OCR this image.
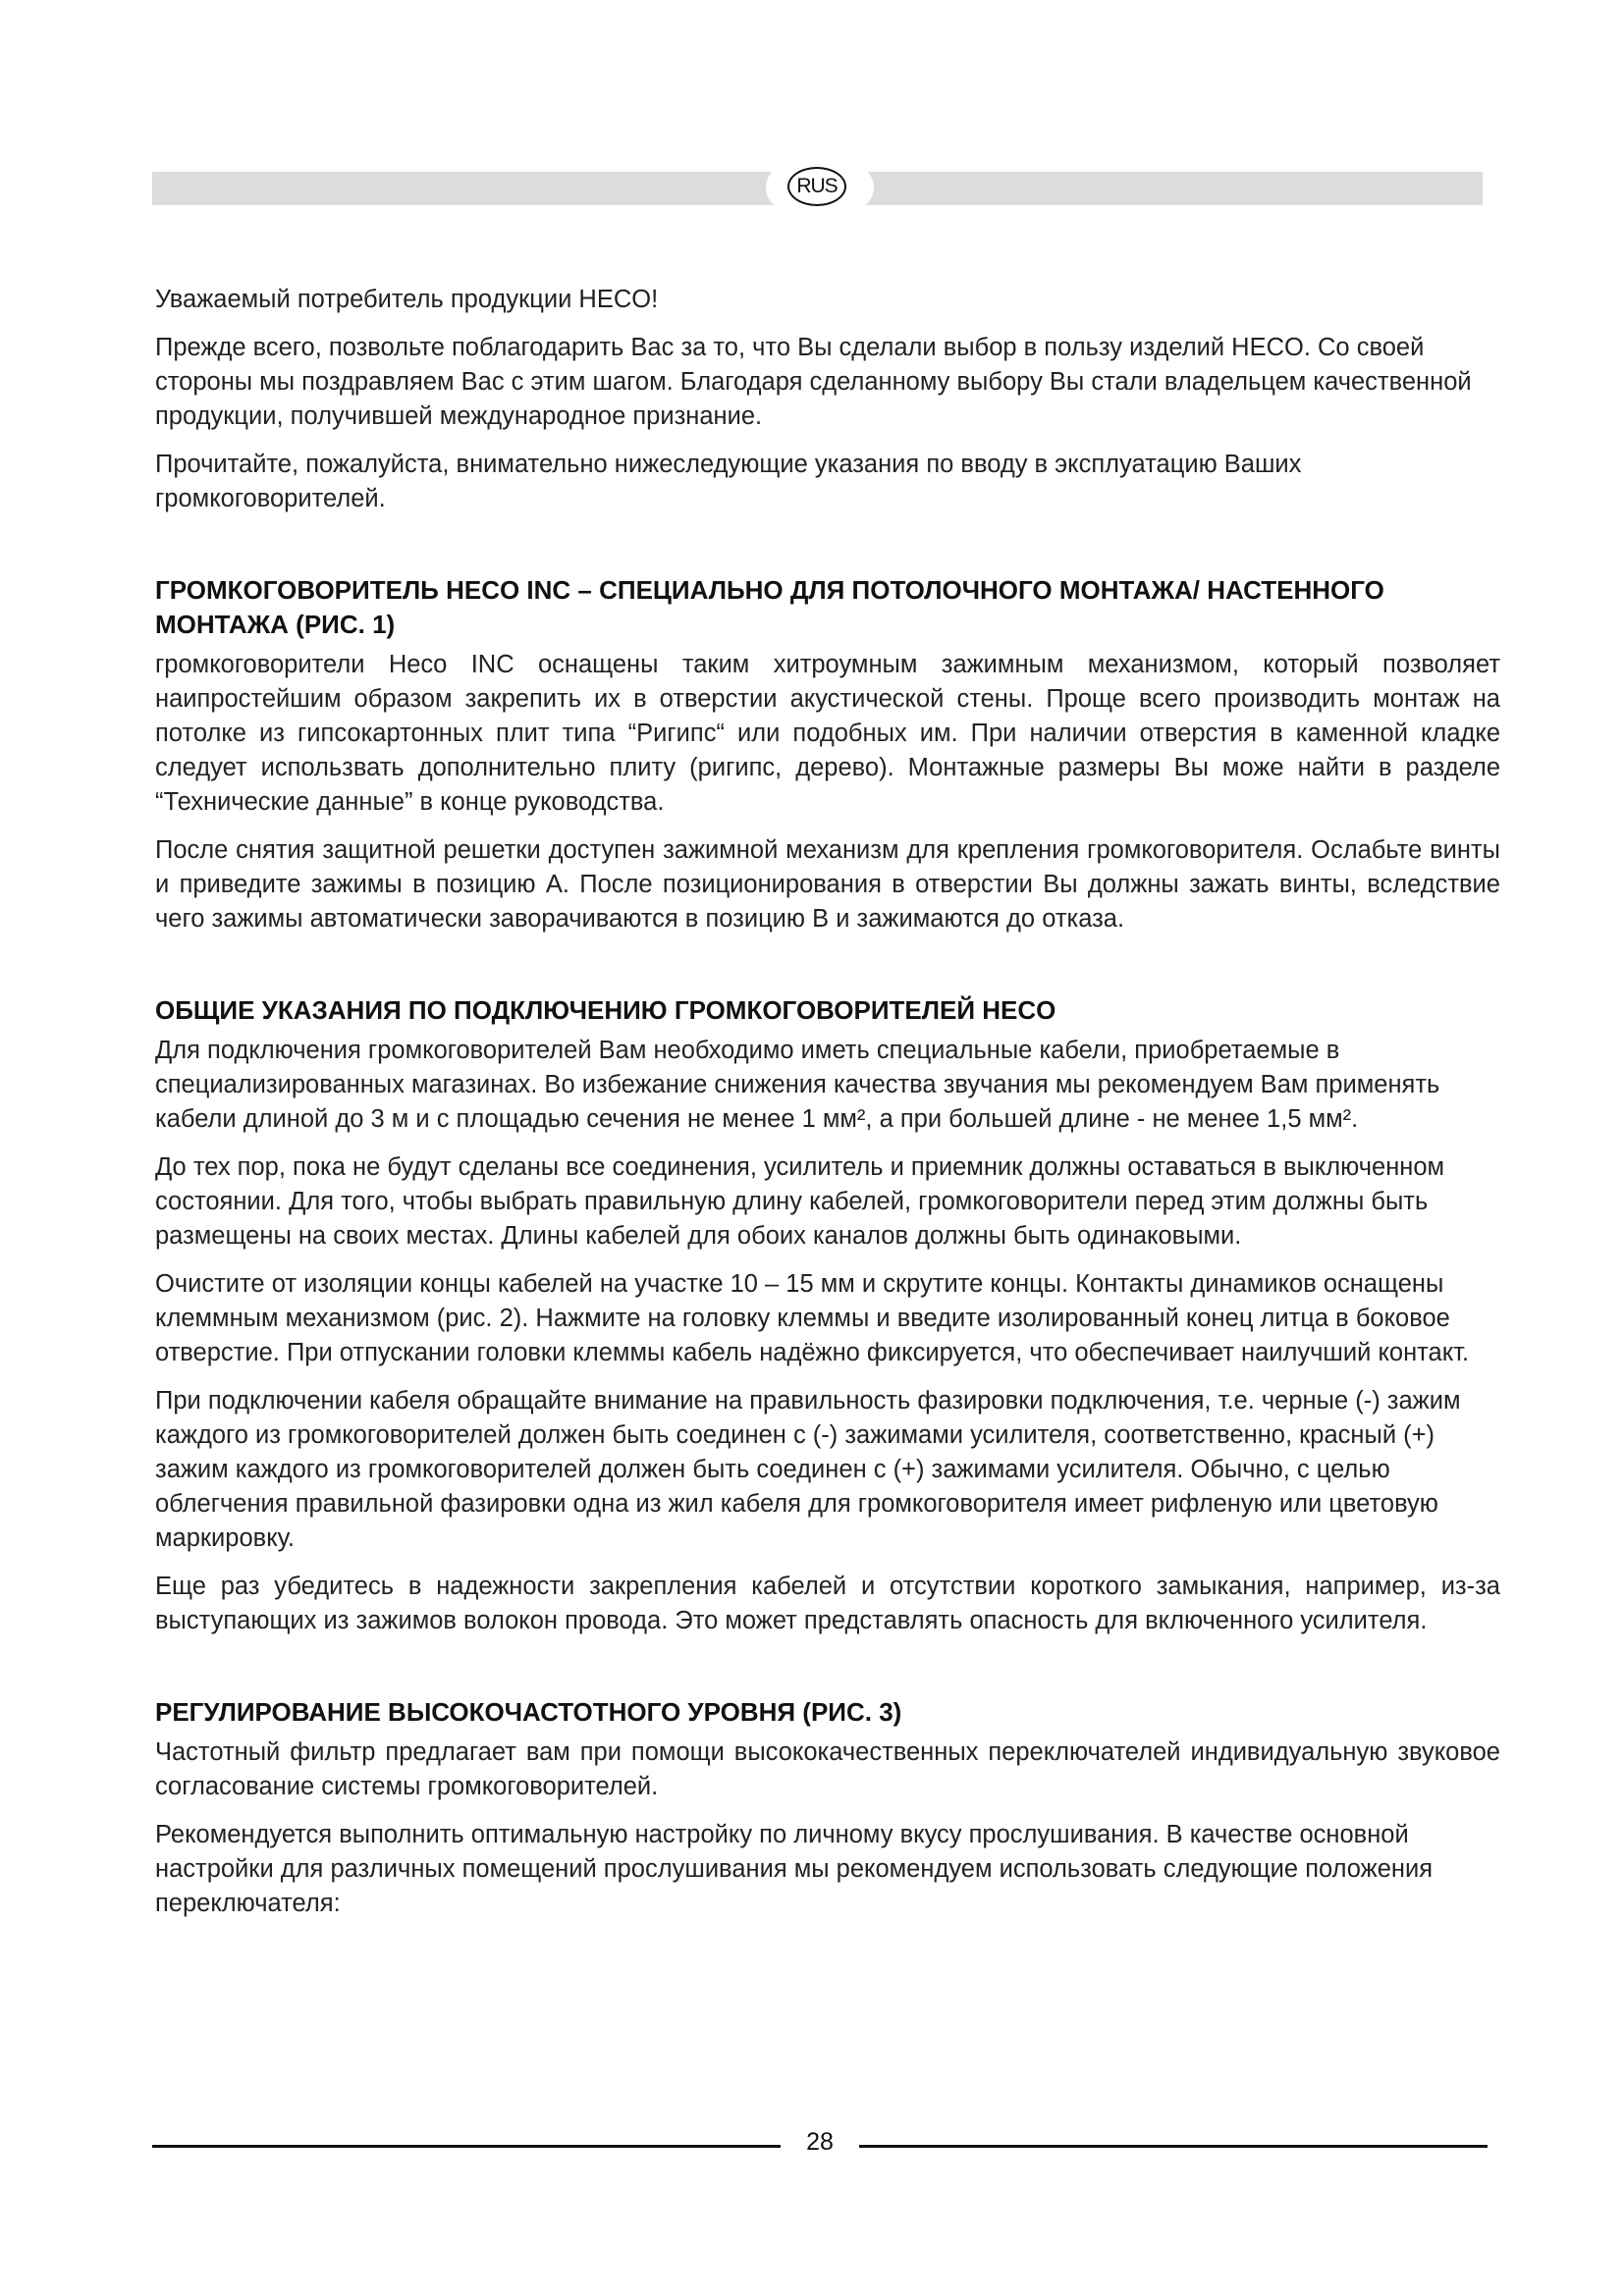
RUS

Уважаемый потребитель продукции HECO!

Прежде всего, позвольте поблагодарить Вас за то, что Вы сделали выбор в пользу изделий HECO. Со своей стороны мы поздравляем Вас с этим шагом. Благодаря сделанному выбору Вы стали владельцем качественной продукции, получившей международное признание.

Прочитайте, пожалуйста, внимательно нижеследующие указания по вводу в эксплуатацию Ваших громкоговорителей.

ГРОМКОГОВОРИТЕЛЬ HECO INC – СПЕЦИАЛЬНО ДЛЯ ПОТОЛОЧНОГО МОНТАЖА/ НАСТЕННОГО МОНТАЖА (РИС. 1)

громкоговорители Heco INC оснащены таким хитроумным зажимным механизмом, который позволяет наипростейшим образом закрепить их в отверстии акустической стены. Проще всего производить монтаж на потолке из гипсокартонных плит типа “Ригипс“ или подобных им. При наличии отверстия в каменной кладке следует использвать дополнительно плиту (ригипс, дерево). Монтажные размеры Вы може найти в разделе “Технические данные” в конце руководства.

После снятия защитной решетки доступен зажимной механизм для крепления громкоговорителя. Ослабьте винты и приведите зажимы в позицию A. После позиционирования в отверстии Вы должны зажать винты, вследствие чего зажимы автоматически заворачиваются в позицию B и зажимаются до отказа.

ОБЩИЕ УКАЗАНИЯ ПО ПОДКЛЮЧЕНИЮ ГРОМКОГОВОРИТЕЛЕЙ HECO

Для подключения громкоговорителей Вам необходимо иметь специальные кабели, приобретаемые в специализированных магазинах. Во избежание снижения качества звучания мы рекомендуем Вам применять кабели длиной до 3 м и с площадью сечения не менее 1 мм², а при большей длине - не менее 1,5 мм².

До тех пор, пока не будут сделаны все соединения, усилитель и приемник должны оставаться в выключенном состоянии. Для того, чтобы выбрать правильную длину кабелей, громкоговорители перед этим должны быть размещены на своих местах. Длины кабелей для обоих каналов должны быть одинаковыми.

Очистите от изоляции концы кабелей на участке 10 – 15 мм и скрутите концы. Контакты динамиков оснащены клеммным механизмом (рис. 2). Нажмите на головку клеммы и введите изолированный конец литца в боковое отверстие. При отпускании головки клеммы кабель надёжно фиксируется, что обеспечивает наилучший контакт.

При подключении кабеля обращайте внимание на правильность фазировки подключения, т.е. черные (-) зажим каждого из громкоговорителей должен быть соединен с (-) зажимами усилителя, соответственно, красный (+) зажим каждого из громкоговорителей должен быть соединен с (+) зажимами усилителя. Обычно, с целью облегчения правильной фазировки одна из жил кабеля для громкоговорителя имеет рифленую или цветовую маркировку.

Еще раз убедитесь в надежности закрепления кабелей и отсутствии короткого замыкания, например, из-за выступающих из зажимов волокон провода. Это может представлять опасность для включенного усилителя.

РЕГУЛИРОВАНИЕ ВЫСОКОЧАСТОТНОГО УРОВНЯ (РИС. 3)

Частотный фильтр предлагает вам при помощи высококачественных переключателей индивидуальную звуковое согласование системы громкоговорителей.

Рекомендуется выполнить оптимальную настройку по личному вкусу прослушивания. В качестве основной настройки для различных помещений прослушивания мы рекомендуем использовать следующие положения переключателя:

28
